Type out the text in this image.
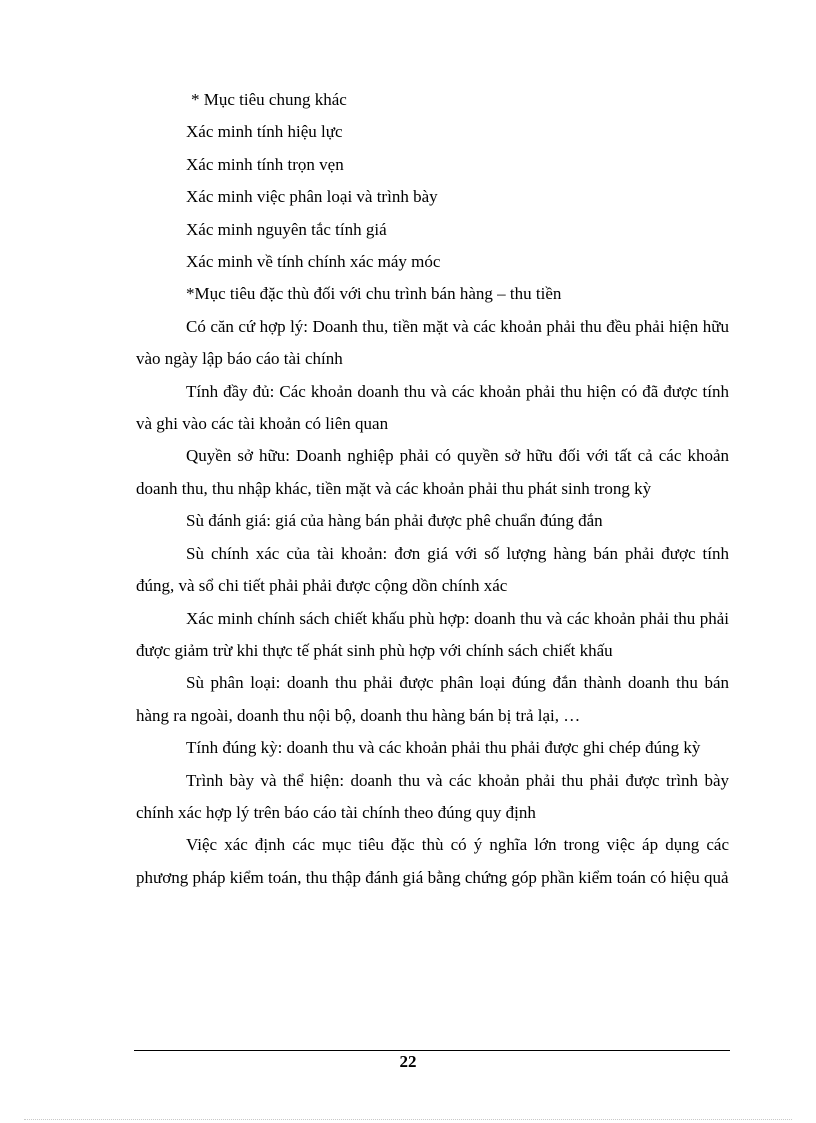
* Mục tiêu chung khác

Xác minh tính hiệu lực

Xác minh tính trọn vẹn

Xác minh việc phân loại và trình bày

Xác minh nguyên tắc tính giá

Xác minh về tính chính xác máy móc

*Mục tiêu đặc thù đối với chu trình bán hàng – thu tiền

Có căn cứ hợp lý: Doanh thu, tiền mặt và các khoản phải thu đều phải hiện hữu vào ngày lập báo cáo tài chính

Tính đầy đủ: Các khoản doanh thu và các khoản phải thu hiện có đã được tính và ghi vào các tài khoản có liên quan

Quyền sở hữu: Doanh nghiệp phải có quyền sở hữu đối với tất cả các khoản doanh thu, thu nhập khác, tiền mặt và các khoản phải thu phát sinh trong kỳ

Sù đánh giá: giá của hàng bán phải được phê chuẩn đúng đắn

Sù chính xác của tài khoản: đơn giá với số lượng hàng bán phải được tính đúng, và sổ chi tiết phải phải được cộng dồn chính xác

Xác minh chính sách chiết khấu phù hợp: doanh thu và các khoản phải thu phải được giảm trừ khi thực tế phát sinh phù hợp với chính sách chiết khấu

Sù phân loại: doanh thu phải được phân loại đúng đắn thành doanh thu bán hàng ra ngoài, doanh thu nội bộ, doanh thu hàng bán bị trả lại, …

Tính đúng kỳ: doanh thu và các khoản phải thu phải được ghi chép đúng kỳ

Trình bày và thể hiện: doanh thu và các khoản phải thu phải được trình bày chính xác hợp lý trên báo cáo tài chính theo đúng quy định

Việc xác định các mục tiêu đặc thù có ý nghĩa lớn trong việc áp dụng các phương pháp kiểm toán, thu thập đánh giá bằng chứng góp phần kiểm toán có hiệu quả

22
